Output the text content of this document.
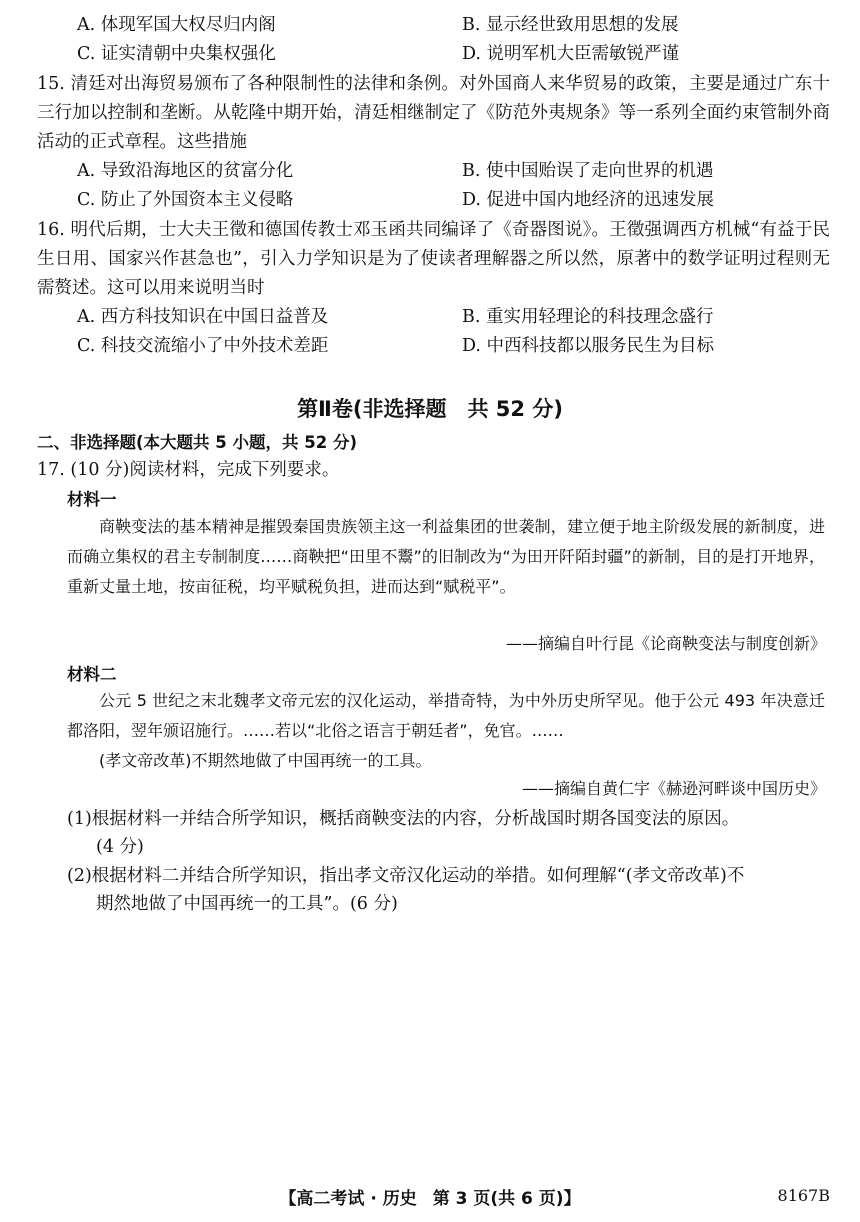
A. 体现军国大权尽归内阁	B. 显示经世致用思想的发展
C. 证实清朝中央集权强化	D. 说明军机大臣需敏锐严谨
15. 清廷对出海贸易颁布了各种限制性的法律和条例。对外国商人来华贸易的政策，主要是通过广东十三行加以控制和垄断。从乾隆中期开始，清廷相继制定了《防范外夷规条》等一系列全面约束管制外商活动的正式章程。这些措施
A. 导致沿海地区的贫富分化	B. 使中国贻误了走向世界的机遇
C. 防止了外国资本主义侵略	D. 促进中国内地经济的迅速发展
16. 明代后期，士大夫王徵和德国传教士邓玉函共同编译了《奇器图说》。王徵强调西方机械“有益于民生日用、国家兴作甚急也”，引入力学知识是为了使读者理解器之所以然，原著中的数学证明过程则无需赘述。这可以用来说明当时
A. 西方科技知识在中国日益普及	B. 重实用轻理论的科技理念盛行
C. 科技交流缩小了中外技术差距	D. 中西科技都以服务民生为目标
第Ⅱ卷(非选择题　共 52 分)
二、非选择题(本大题共 5 小题，共 52 分)
17. (10 分)阅读材料，完成下列要求。
材料一
商鞅变法的基本精神是摧毁秦国贵族领主这一利益集团的世袭制，建立便于地主阶级发展的新制度，进而确立集权的君主专制制度……商鞅把“田里不鬻”的旧制改为“为田开阡陌封疆”的新制，目的是打开地界，重新丈量土地，按亩征税，均平赋税负担，进而达到“赋税平”。
——摘编自叶行昆《论商鞅变法与制度创新》
材料二
公元 5 世纪之末北魏孝文帝元宏的汉化运动，举措奇特，为中外历史所罕见。他于公元 493 年决意迁都洛阳，翌年颁诏施行。……若以“北俗之语言于朝廷者”，免官。……
(孝文帝改革)不期然地做了中国再统一的工具。
——摘编自黄仁宇《赫逊河畔谈中国历史》
(1)根据材料一并结合所学知识，概括商鞅变法的内容，分析战国时期各国变法的原因。
(4 分)
(2)根据材料二并结合所学知识，指出孝文帝汉化运动的举措。如何理解“(孝文帝改革)不
期然地做了中国再统一的工具”。(6 分)
【高二考试 · 历史 第 3 页(共 6 页)】	8167B
